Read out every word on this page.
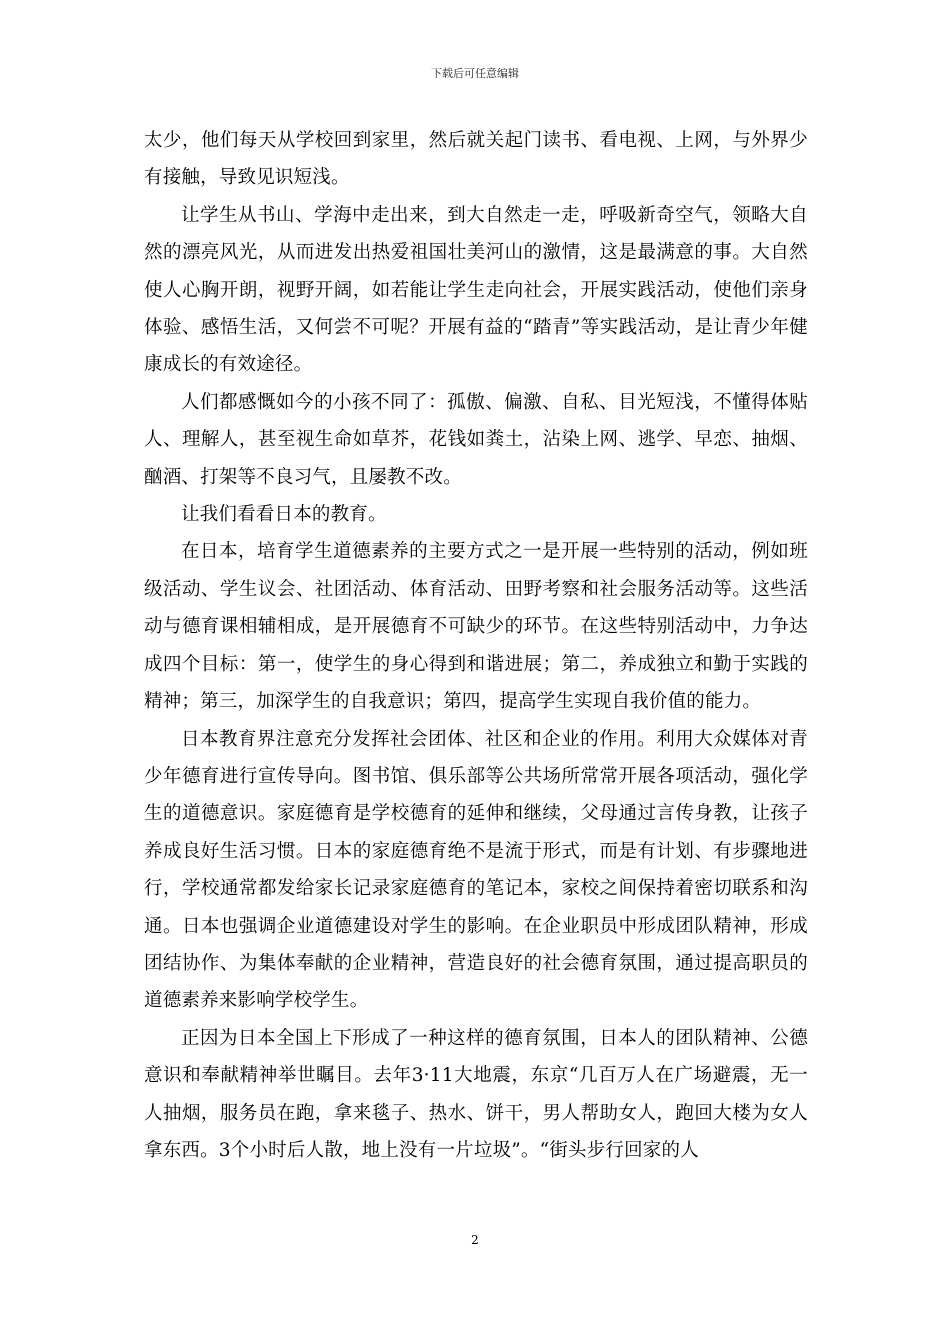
下载后可任意编辑

太少，他们每天从学校回到家里，然后就关起门读书、看电视、上网，与外界少有接触，导致见识短浅。

让学生从书山、学海中走出来，到大自然走一走，呼吸新奇空气，领略大自然的漂亮风光，从而进发出热爱祖国壮美河山的激情，这是最满意的事。大自然使人心胸开朗，视野开阔，如若能让学生走向社会，开展实践活动，使他们亲身体验、感悟生活，又何尝不可呢？开展有益的“踏青”等实践活动，是让青少年健康成长的有效途径。

人们都感慨如今的小孩不同了：孤傲、偏激、自私、目光短浅，不懂得体贴人、理解人，甚至视生命如草芥，花钱如粪土，沾染上网、逃学、早恋、抽烟、酗酒、打架等不良习气，且屡教不改。

让我们看看日本的教育。

在日本，培育学生道德素养的主要方式之一是开展一些特别的活动，例如班级活动、学生议会、社团活动、体育活动、田野考察和社会服务活动等。这些活动与德育课相辅相成，是开展德育不可缺少的环节。在这些特别活动中，力争达成四个目标：第一，使学生的身心得到和谐进展；第二，养成独立和勤于实践的精神；第三，加深学生的自我意识；第四，提高学生实现自我价值的能力。

日本教育界注意充分发挥社会团体、社区和企业的作用。利用大众媒体对青少年德育进行宣传导向。图书馆、俱乐部等公共场所常常开展各项活动，强化学生的道德意识。家庭德育是学校德育的延伸和继续，父母通过言传身教，让孩子养成良好生活习惯。日本的家庭德育绝不是流于形式，而是有计划、有步骤地进行，学校通常都发给家长记录家庭德育的笔记本，家校之间保持着密切联系和沟通。日本也强调企业道德建设对学生的影响。在企业职员中形成团队精神，形成团结协作、为集体奉献的企业精神，营造良好的社会德育氛围，通过提高职员的道德素养来影响学校学生。

正因为日本全国上下形成了一种这样的德育氛围，日本人的团队精神、公德意识和奉献精神举世瞩目。去年3·11大地震，东京“几百万人在广场避震，无一人抽烟，服务员在跑，拿来毯子、热水、饼干，男人帮助女人，跑回大楼为女人拿东西。3个小时后人散，地上没有一片垃圾”。“街头步行回家的人

2
